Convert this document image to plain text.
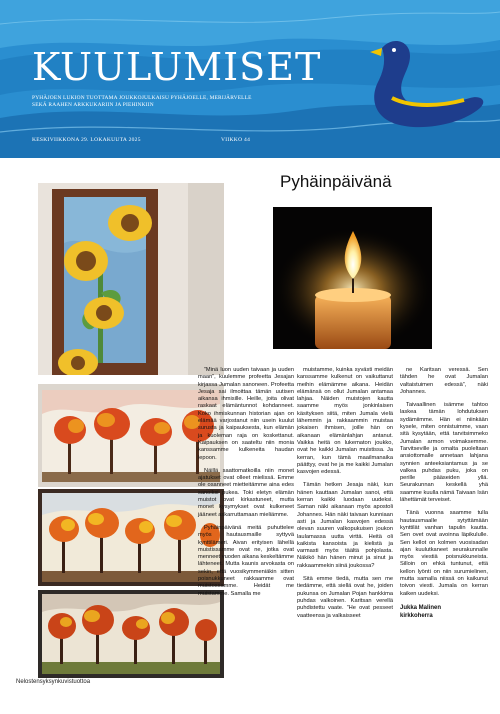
KUULUMISET
PYHÄJOEN LUKION TUOTTAMA JOUKKOJULKAISU PYHÄJOELLE, MERIJÄRVELLE
SEKÄ RAAHEN ARKKUKARIIN JA PIEHINKIIN
KESKIVIIKKONA 29. LOKAKUUTA 2025	VIIKKO 44
Nelostensyksynkuvistuottoa
Pyhäinpäivänä

”Minä luon uuden taivaan ja uuden maan”, kuulemme profeetta Jesajan kirjassa Jumalan sanoneen. Profeetta Jesaja sai ilmoittaa tämän uutisen aikansa ihmisille. Heille, joita olivat raskaat elämäntunnot kohdanneet. Koko ihmiskunnan historian ajan on elämää varjostanut niin usein kuulut surusta ja kaipauksesta, kun elämän ja kuoleman raja on koskettanut. Kaipauksen on saateltu niin monia kanssamme kulkeneita haudan lepoon.

Näillä saattomatkoilla niin monet ajatukset ovat olleet mielissä. Emme ole osanneet mietteitämme aina edes sanoiksi pukea. Toki eletyn elämän muistot ovat kirkastuneet, mutta monet kysymykset ovat kulkeneet jääneet askarruttamaan mieliämme.

Pyhäinpäivänä meitä puhuttelee myös hautausmaille syttyvä kynttilämeri. Aivan erityisen lähellä muistissamme ovat ne, jotka ovat menneet vuoden aikana keskeltämme lähteneet. Mutta kaunis arvokasta on sekin, että vuosikymmeniäkin sitten poisnukkuneet rakkaamme ovat muistossamme. Heidät me muistamme. Samalla me

muistamme, kuinka syvästi meidän kanssamme kulkenut on vaikuttanut meihin elämämme aikana. Heidän elämänsä on ollut Jumalan antamaa lahjaa. Näiden muistojen kautta saamme myös jonkinlaisen käsityksen siitä, miten Jumala vielä lähemmin ja rakkaammin muistaa jokaisen ihmisen, joille hän on aikanaan elämänlahjan antanut. Vaikka heitä on lukematon joukko, ovat he kaikki Jumalan muistissa. Ja kerran, kun tämä maailmanaika päättyy, ovat he ja me kaikki Jumalan kasvojen edessä.

Tämän hetken Jesaja näki, kun hänen kauttaan Jumalan sanoi, että kerran kaikki luodaan uudeksi. Saman näki aikanaan myös apostoli Johannes. Hän näki taivaan kunniaan asti ja Jumalan kasvojen edessä olevan suuren valkopukuisen joukon laulamassa uutta virttä. Heitä oli kaikista kansoista ja kielistä ja varmasti myös täältä pohjolasta. Näkikö hän hänen minut ja sinut ja rakkaammekin siinä joukossa?

Sitä emme tiedä, mutta sen me tiedämme, että siellä ovat he, joiden pukunsa on Jumalan Pojan hankkima puhdas valkoinen. Karitsan verellä puhdistettu vaate. ”He ovat pesseet vaatteensa ja valkaisseet

ne Karitsan veressä. Sen tähden he ovat Jumalan valtaistuimen edessä”, näki Johannes.

Taivaallinen isämme tahtoo laskea tämän lohdutuksen sydämiimme. Hän ei niinkään kysele, miten onnistuimme, vaan sitä kysytään, että tarvitsimmeko Jumalan armon voimaksemme. Tarvitseville ja omalta puoleltaan ansiottomalle annetaan lahjana synnien anteeksiantamus ja se valkea puhdas puku, joka on perille pääseiden yllä. Seurakunnan keskellä yhä saamme kuulla nämä Taivaan Isän lähettämät terveiset.

Tänä vuonna saamme tulla hautausmaalle sytyttämään kynttilät vanhan tapulin kautta. Sen ovet ovat avoinna läpikululle. Sen kellot on kolmen vuosisadan ajan kuulutkaneet seurakunnalle myös viestiä poisnukkuneista. Silloin on ehkä tuntunut, että kellon lyönti on niin surumielinen, mutta samalla niissä on kaikunut toivon viesti. Jumala on kerran kaiken uudeksi.

Jukka Malinen
kirkkoherra
